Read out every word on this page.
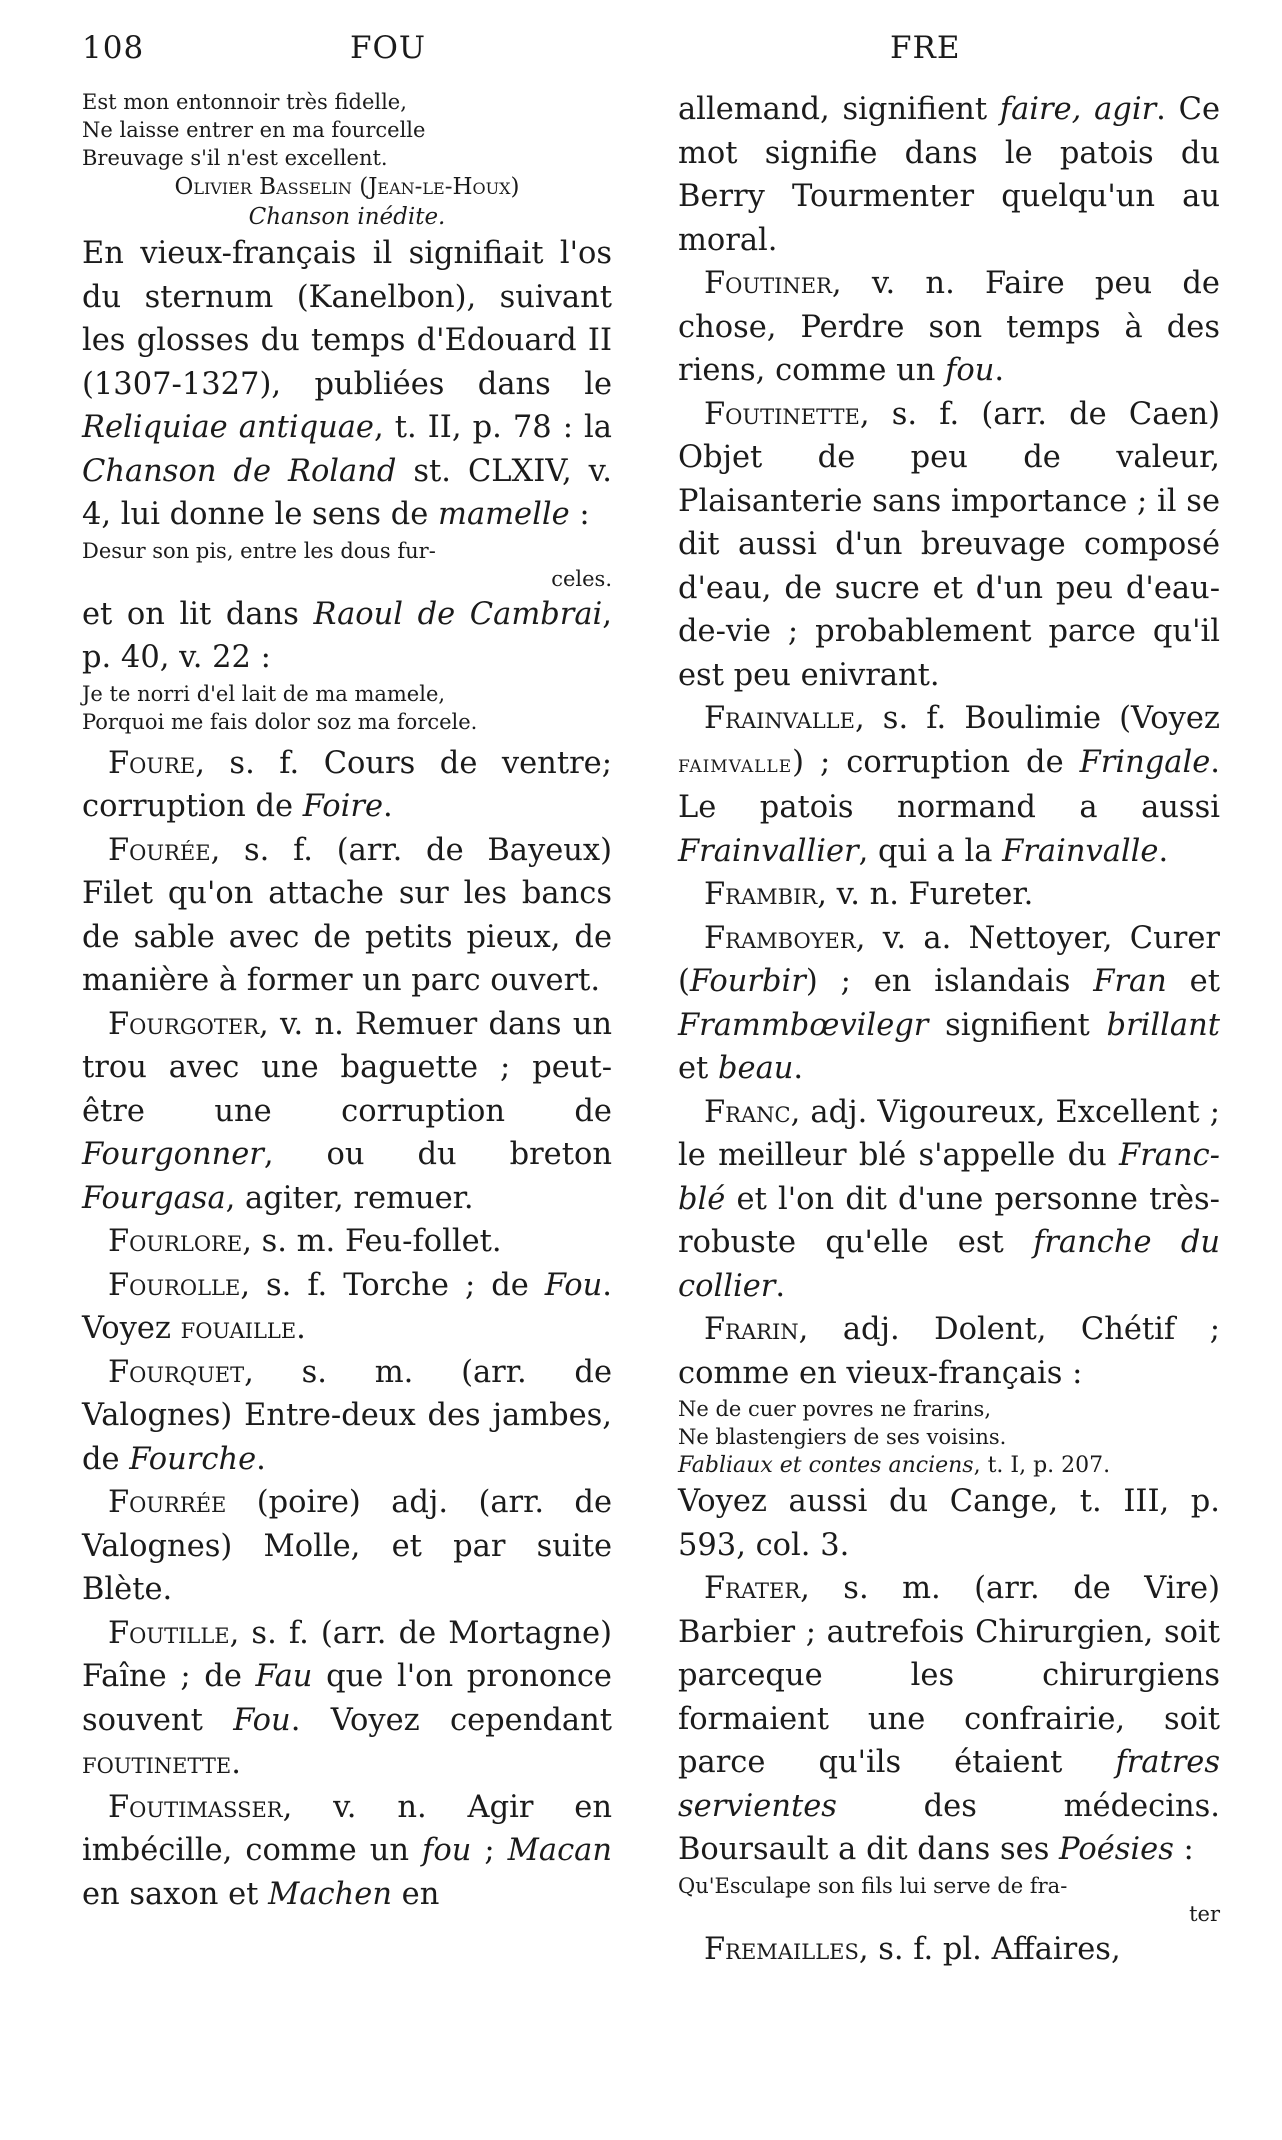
108	FOU	FRE

Est mon entonnoir très fidelle,

Ne laisse entrer en ma fourcelle

Breuvage s'il n'est excellent.

Olivier Basselin (Jean-le-Houx)

Chanson inédite.

En vieux-français il signifiait l'os du sternum (Kanelbon), suivant les glosses du temps d'Edouard II (1307-1327), publiées dans le Reliquiae antiquae, t. II, p. 78 : la Chanson de Roland st. CLXIV, v. 4, lui donne le sens de mamelle :

Desur son pis, entre les dous fur-

celes.

et on lit dans Raoul de Cambrai, p. 40, v. 22 :

Je te norri d'el lait de ma mamele,

Porquoi me fais dolor soz ma forcele.

Foure, s. f. Cours de ventre; corruption de Foire.

Fourée, s. f. (arr. de Bayeux) Filet qu'on attache sur les bancs de sable avec de petits pieux, de manière à former un parc ouvert.

Fourgoter, v. n. Remuer dans un trou avec une baguette ; peut-être une corruption de Fourgonner, ou du breton Fourgasa, agiter, remuer.

Fourlore, s. m. Feu-follet.

Fourolle, s. f. Torche ; de Fou. Voyez fouaille.

Fourquet, s. m. (arr. de Valognes) Entre-deux des jambes, de Fourche.

Fourrée (poire) adj. (arr. de Valognes) Molle, et par suite Blète.

Foutille, s. f. (arr. de Mortagne) Faîne ; de Fau que l'on prononce souvent Fou. Voyez cependant foutinette.

Foutimasser, v. n. Agir en imbécille, comme un fou ; Macan en saxon et Machen en

allemand, signifient faire, agir. Ce mot signifie dans le patois du Berry Tourmenter quelqu'un au moral.

Foutiner, v. n. Faire peu de chose, Perdre son temps à des riens, comme un fou.

Foutinette, s. f. (arr. de Caen) Objet de peu de valeur, Plaisanterie sans importance ; il se dit aussi d'un breuvage composé d'eau, de sucre et d'un peu d'eau-de-vie ; probablement parce qu'il est peu enivrant.

Frainvalle, s. f. Boulimie (Voyez faimvalle) ; corruption de Fringale. Le patois normand a aussi Frainvallier, qui a la Frainvalle.

Frambir, v. n. Fureter.

Framboyer, v. a. Nettoyer, Curer (Fourbir) ; en islandais Fran et Frammbœvilegr signifient brillant et beau.

Franc, adj. Vigoureux, Excellent ; le meilleur blé s'appelle du Franc-blé et l'on dit d'une personne très-robuste qu'elle est franche du collier.

Frarin, adj. Dolent, Chétif ; comme en vieux-français :

Ne de cuer povres ne frarins,

Ne blastengiers de ses voisins.

Fabliaux et contes anciens, t. I, p. 207.

Voyez aussi du Cange, t. III, p. 593, col. 3.

Frater, s. m. (arr. de Vire) Barbier ; autrefois Chirurgien, soit parceque les chirurgiens formaient une confrairie, soit parce qu'ils étaient fratres servientes des médecins. Boursault a dit dans ses Poésies :

Qu'Esculape son fils lui serve de fra-

ter

Fremailles, s. f. pl. Affaires,
